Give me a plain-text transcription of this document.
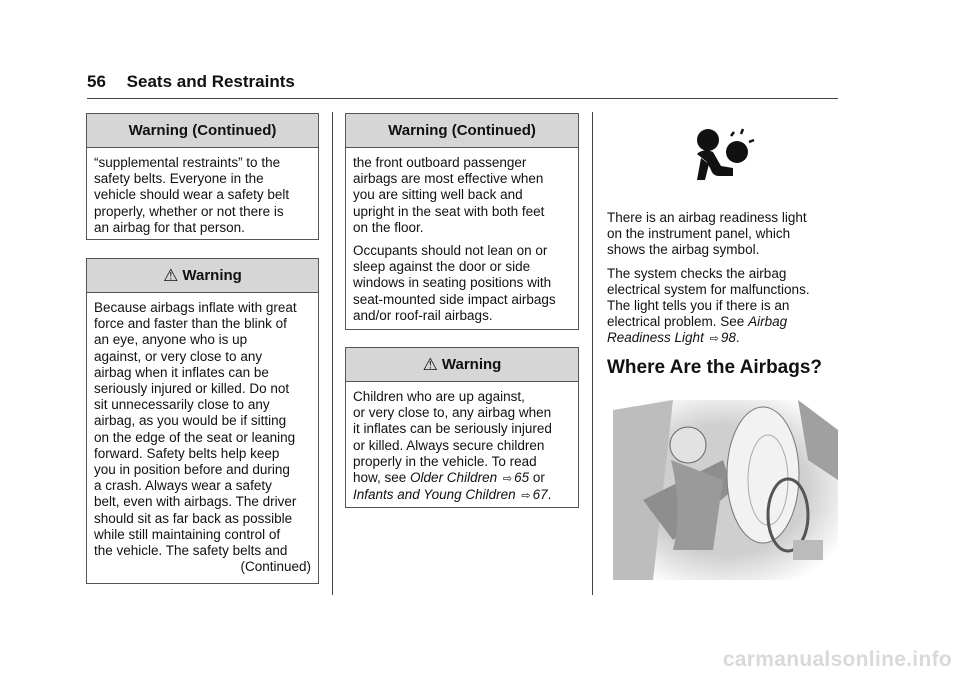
56 Seats and Restraints
Warning (Continued)
“supplemental restraints” to the
safety belts. Everyone in the
vehicle should wear a safety belt
properly, whether or not there is
an airbag for that person.
⚠ Warning
Because airbags inflate with great
force and faster than the blink of
an eye, anyone who is up
against, or very close to any
airbag when it inflates can be
seriously injured or killed. Do not
sit unnecessarily close to any
airbag, as you would be if sitting
on the edge of the seat or leaning
forward. Safety belts help keep
you in position before and during
a crash. Always wear a safety
belt, even with airbags. The driver
should sit as far back as possible
while still maintaining control of
the vehicle. The safety belts and
(Continued)
Warning (Continued)

the front outboard passenger
airbags are most effective when
you are sitting well back and
upright in the seat with both feet
on the floor.

Occupants should not lean on or
sleep against the door or side
windows in seating positions with
seat-mounted side impact airbags
and/or roof-rail airbags.

⚠ Warning
Children who are up against,
or very close to, any airbag when
it inflates can be seriously injured
or killed. Always secure children
properly in the vehicle. To read
how, see Older Children ⇨ 65 or
Infants and Young Children ⇨ 67.

There is an airbag readiness light
on the instrument panel, which
shows the airbag symbol.

The system checks the airbag
electrical system for malfunctions.
The light tells you if there is an
electrical problem. See Airbag
Readiness Light ⇨ 98.

Where Are the Airbags?
carmanualsonline.info
